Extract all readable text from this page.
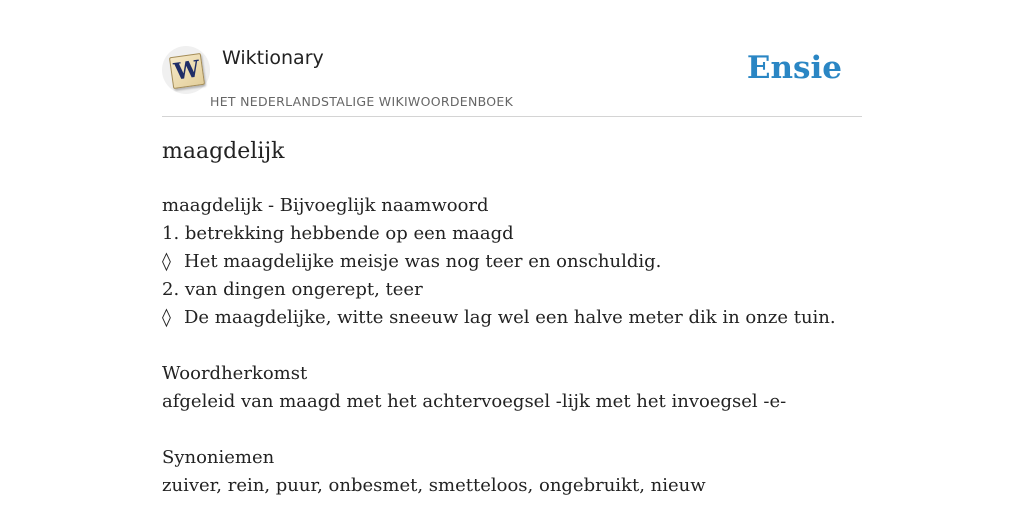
W Wiktionary
HET NEDERLANDSTALIGE WIKIWOORDENBOEK
Ensie
maagdelijk
maagdelijk - Bijvoeglijk naamwoord
1. betrekking hebbende op een maagd
◊ Het maagdelijke meisje was nog teer en onschuldig.
2. van dingen ongerept, teer
◊ De maagdelijke, witte sneeuw lag wel een halve meter dik in onze tuin.
Woordherkomst
afgeleid van maagd met het achtervoegsel -lijk met het invoegsel -e-
Synoniemen
zuiver, rein, puur, onbesmet, smetteloos, ongebruikt, nieuw
